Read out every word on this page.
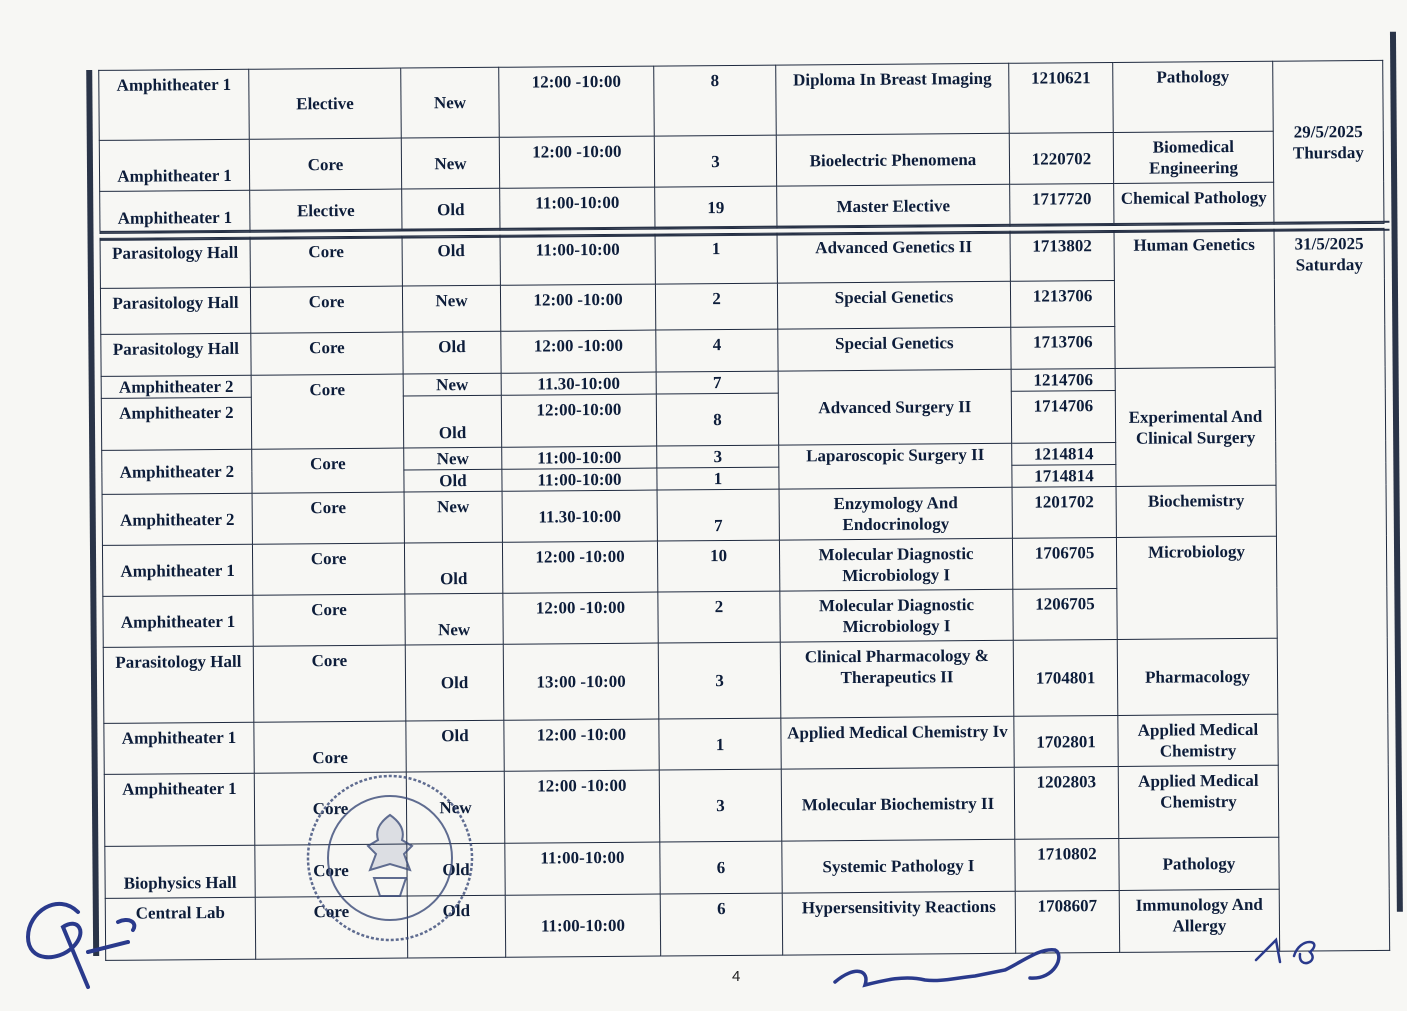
Amphitheater 1	Elective	New	12:00 -10:00	8	Diploma In Breast Imaging	1210621	Pathology	29/5/2025
Thursday

Amphitheater 1	Core	New	12:00 -10:00	3	Bioelectric Phenomena	1220702	Biomedical Engineering	
Amphitheater 1	Elective	Old	11:00-10:00	19	Master Elective	1717720	Chemical Pathology	
Parasitology Hall	Core	Old	11:00-10:00	1	Advanced Genetics II	1713802	Human Genetics	31/5/2025
Saturday

Parasitology Hall	Core	New	12:00 -10:00	2	Special Genetics	1213706		
Parasitology Hall	Core	Old	12:00 -10:00	4	Special Genetics	1713706		
Amphitheater 2	Core	New	11.30-10:00	7	Advanced Surgery II	1214706	Experimental And Clinical Surgery	
Amphitheater 2		Old	12:00-10:00	8		1714706		
Amphitheater 2	Core	New	11:00-10:00	3	Laparoscopic Surgery II	1214814		
		Old	11:00-10:00	1		1714814		
Amphitheater 2	Core	New	11.30-10:00	7	Enzymology And Endocrinology	1201702	Biochemistry	
Amphitheater 1	Core	Old	12:00 -10:00	10	Molecular Diagnostic Microbiology I	1706705	Microbiology	
Amphitheater 1	Core	New	12:00 -10:00	2	Molecular Diagnostic Microbiology I	1206705		
Parasitology Hall	Core	Old	13:00 -10:00	3	Clinical Pharmacology & Therapeutics II	1704801	Pharmacology	
Amphitheater 1	Core	Old	12:00 -10:00	1	Applied Medical Chemistry Iv	1702801	Applied Medical Chemistry	
Amphitheater 1	Core	New	12:00 -10:00	3	Molecular Biochemistry II	1202803	Applied Medical Chemistry	
Biophysics Hall	Core	Old	11:00-10:00	6	Systemic Pathology I	1710802	Pathology	
Central Lab	Core	Old	11:00-10:00	6	Hypersensitivity Reactions	1708607	Immunology And Allergy	
4
